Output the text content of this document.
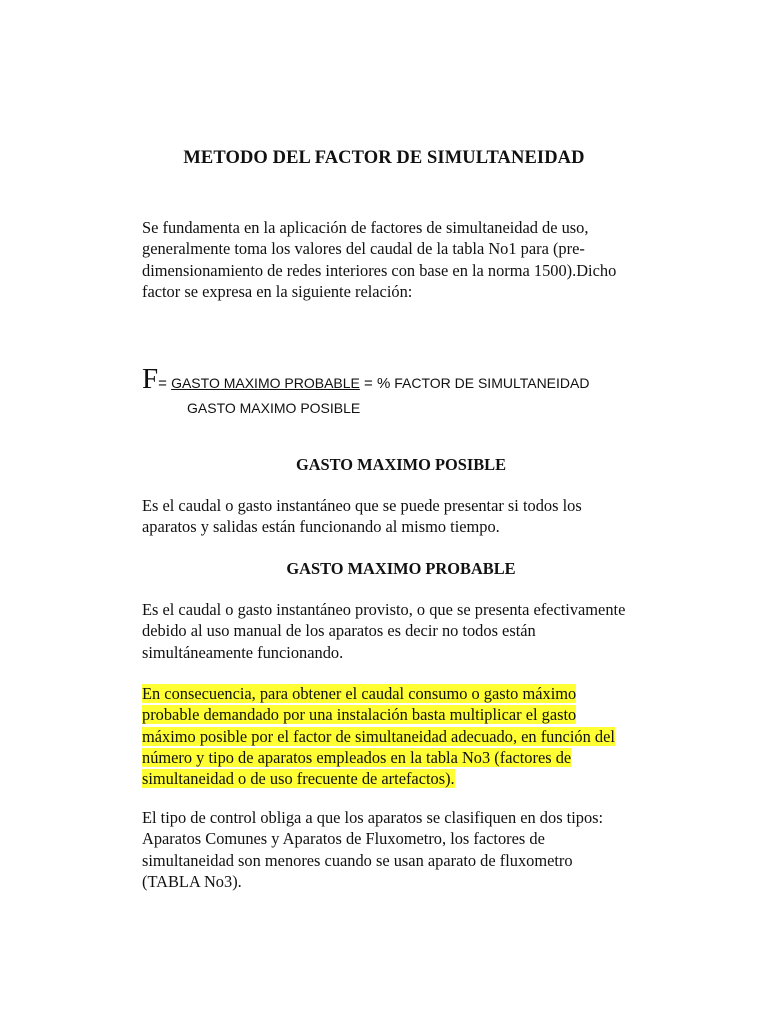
METODO DEL FACTOR DE SIMULTANEIDAD
Se fundamenta en la aplicación de factores de simultaneidad de uso,
generalmente toma los valores del caudal de la tabla No1 para (pre-
dimensionamiento de redes interiores con base en la norma 1500).Dicho
factor se expresa en la siguiente relación:
F= GASTO MAXIMO PROBABLE = % FACTOR DE SIMULTANEIDAD
GASTO MAXIMO POSIBLE
GASTO MAXIMO POSIBLE
Es el caudal o gasto instantáneo que se puede presentar si todos los
aparatos y salidas están funcionando al mismo tiempo.
GASTO MAXIMO PROBABLE
Es el caudal o gasto instantáneo provisto, o que se presenta efectivamente
debido al uso manual de los aparatos es decir no todos están
simultáneamente funcionando.
En consecuencia, para obtener el caudal consumo o gasto máximo
probable demandado por una instalación basta multiplicar el gasto
máximo posible por el factor de simultaneidad adecuado, en función del
número y tipo de aparatos empleados en la tabla No3 (factores de
simultaneidad o de uso frecuente de artefactos).
El tipo de control obliga a que los aparatos se clasifiquen en dos tipos:
Aparatos Comunes y Aparatos de Fluxometro, los factores de
simultaneidad son menores cuando se usan aparato de fluxometro
(TABLA No3).
